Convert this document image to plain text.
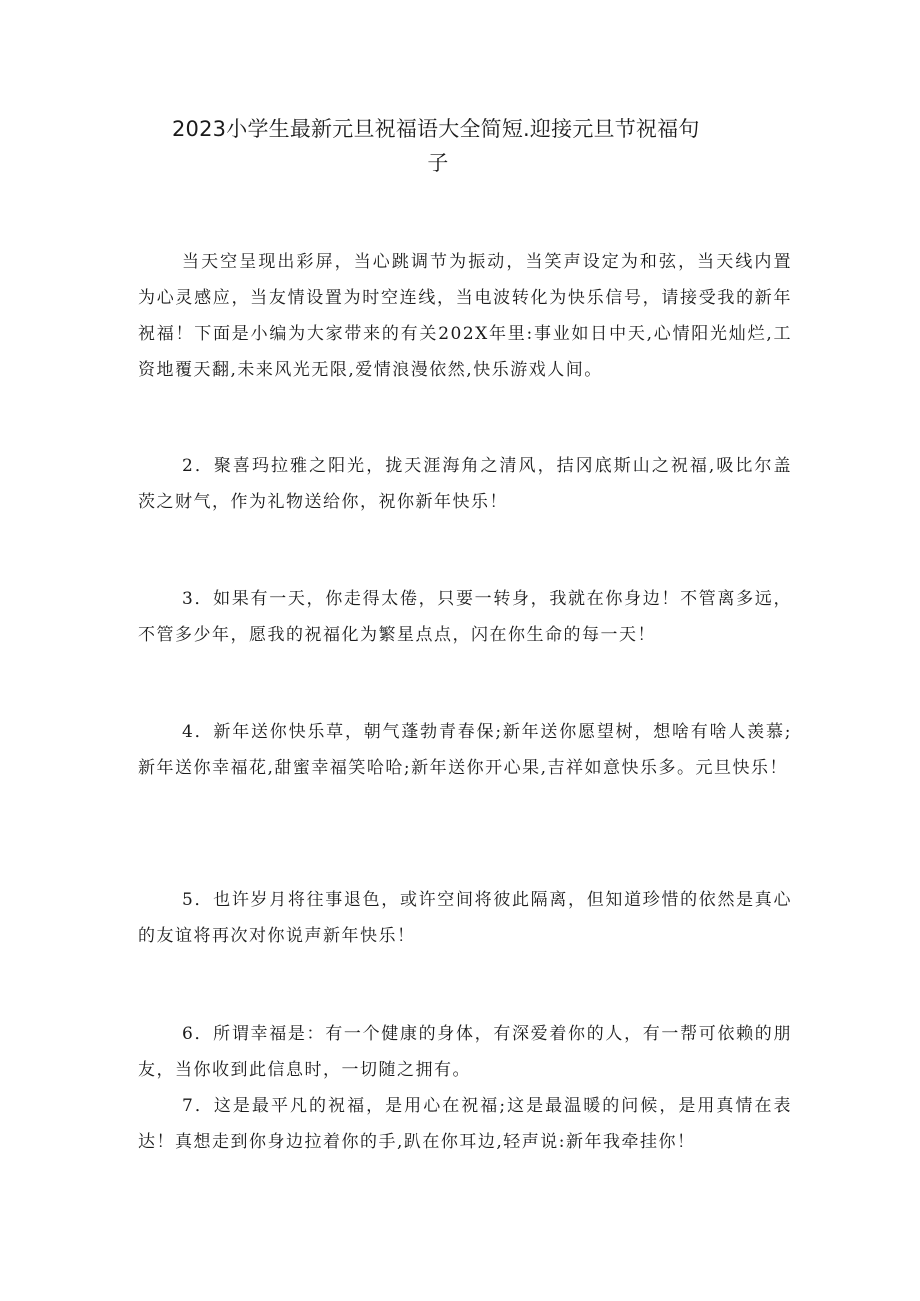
2023小学生最新元旦祝福语大全简短.迎接元旦节祝福句
子

当天空呈现出彩屏，当心跳调节为振动，当笑声设定为和弦，当天线内置为心灵感应，当友情设置为时空连线，当电波转化为快乐信号，请接受我的新年祝福！下面是小编为大家带来的有关202X年里:事业如日中天,心情阳光灿烂,工资地覆天翻,未来风光无限,爱情浪漫依然,快乐游戏人间。

2．聚喜玛拉雅之阳光，拢天涯海角之清风，拮冈底斯山之祝福,吸比尔盖茨之财气，作为礼物送给你，祝你新年快乐！

3．如果有一天，你走得太倦，只要一转身，我就在你身边！不管离多远，不管多少年，愿我的祝福化为繁星点点，闪在你生命的每一天！

4．新年送你快乐草，朝气蓬勃青春保;新年送你愿望树，想啥有啥人羡慕;新年送你幸福花,甜蜜幸福笑哈哈;新年送你开心果,吉祥如意快乐多。元旦快乐！

5．也许岁月将往事退色，或许空间将彼此隔离，但知道珍惜的依然是真心的友谊将再次对你说声新年快乐！

6．所谓幸福是：有一个健康的身体，有深爱着你的人，有一帮可依赖的朋友，当你收到此信息时，一切随之拥有。

7．这是最平凡的祝福，是用心在祝福;这是最温暖的问候，是用真情在表达！真想走到你身边拉着你的手,趴在你耳边,轻声说:新年我牵挂你！
